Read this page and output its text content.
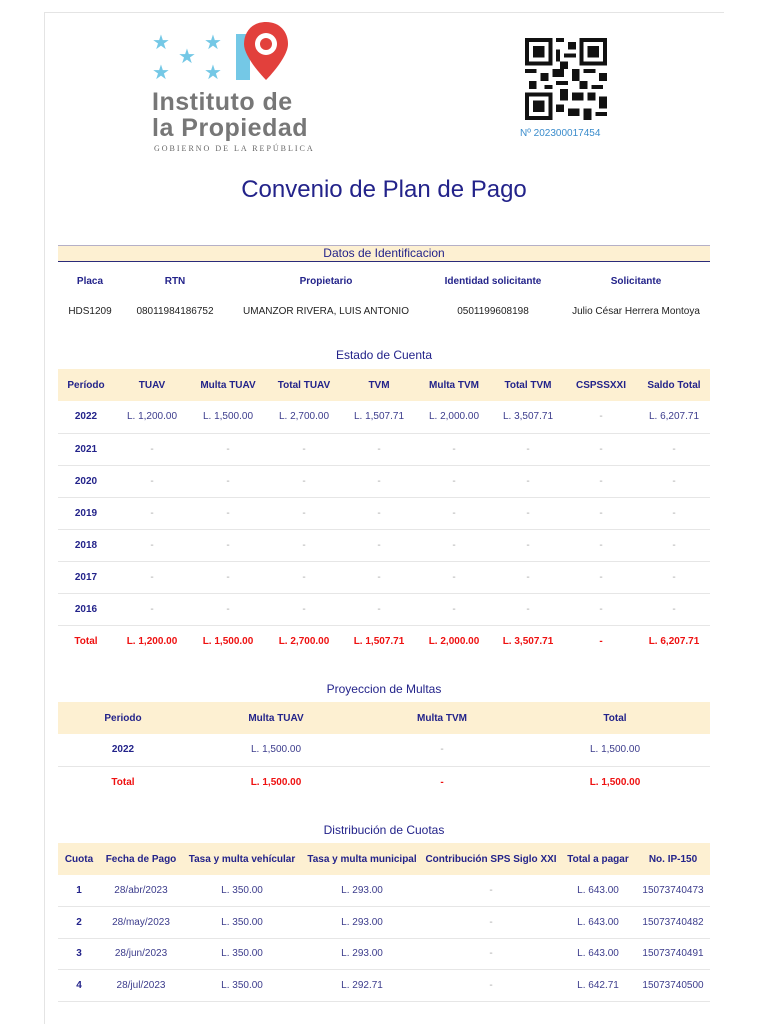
★ ★
★
★ ★
Instituto de
la Propiedad
GOBIERNO DE LA REPÚBLICA
Nº 202300017454
Convenio de Plan de Pago
Datos de Identificacion
Placa	RTN	Propietario	Identidad solicitante	Solicitante
HDS1209	08011984186752	UMANZOR RIVERA, LUIS ANTONIO	0501199608198	Julio César Herrera Montoya
Estado de Cuenta
Período	TUAV	Multa TUAV	Total TUAV	TVM	Multa TVM	Total TVM	CSPSSXXI	Saldo Total
2022	L. 1,200.00	L. 1,500.00	L. 2,700.00	L. 1,507.71	L. 2,000.00	L. 3,507.71	-	L. 6,207.71
2021	-	-	-	-	-	-	-	-
2020	-	-	-	-	-	-	-	-
2019	-	-	-	-	-	-	-	-
2018	-	-	-	-	-	-	-	-
2017	-	-	-	-	-	-	-	-
2016	-	-	-	-	-	-	-	-
Total	L. 1,200.00	L. 1,500.00	L. 2,700.00	L. 1,507.71	L. 2,000.00	L. 3,507.71	-	L. 6,207.71
Proyeccion de Multas
Periodo	Multa TUAV	Multa TVM	Total
2022	L. 1,500.00	-	L. 1,500.00
Total	L. 1,500.00	-	L. 1,500.00
Distribución de Cuotas
Cuota	Fecha de Pago	Tasa y multa vehícular	Tasa y multa municipal	Contribución SPS Siglo XXI	Total a pagar	No. IP-150
1	28/abr/2023	L. 350.00	L. 293.00	-	L. 643.00	15073740473
2	28/may/2023	L. 350.00	L. 293.00	-	L. 643.00	15073740482
3	28/jun/2023	L. 350.00	L. 293.00	-	L. 643.00	15073740491
4	28/jul/2023	L. 350.00	L. 292.71	-	L. 642.71	15073740500
